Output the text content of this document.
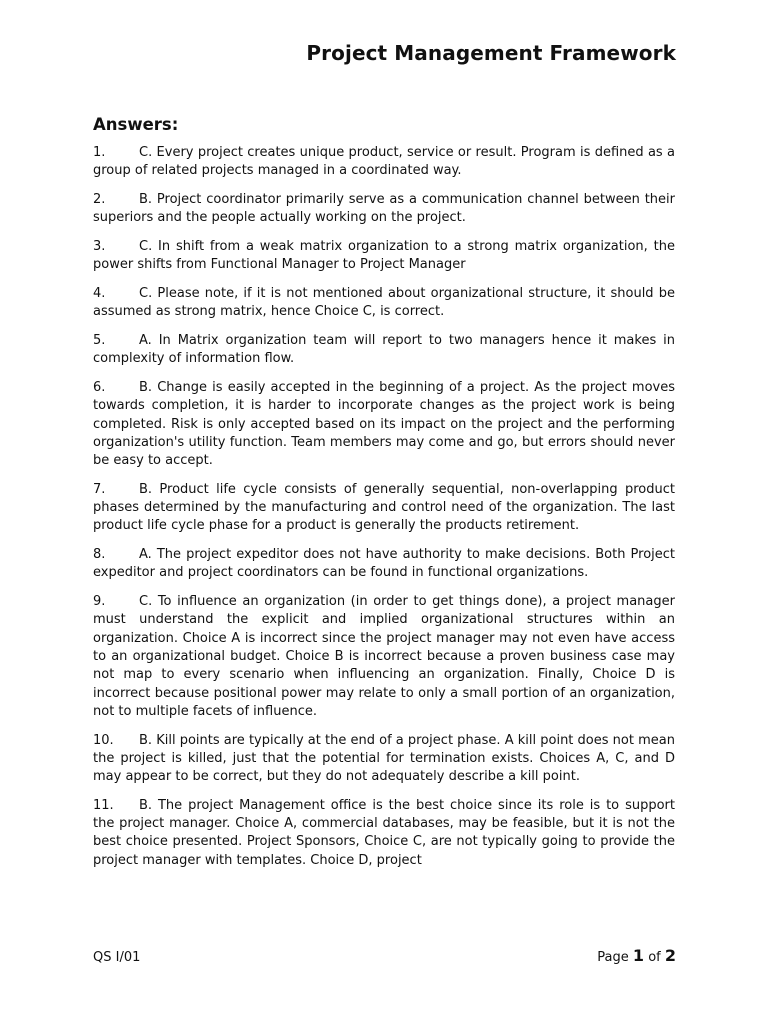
Project Management Framework
Answers:
1.	C. Every project creates unique product, service or result. Program is defined as a group of related projects managed in a coordinated way.
2.	B. Project coordinator primarily serve as a communication channel between their superiors and the people actually working on the project.
3.	C. In shift from a weak matrix organization to a strong matrix organization, the power shifts from Functional Manager to Project Manager
4.	C. Please note, if it is not mentioned about organizational structure, it should be assumed as strong matrix, hence Choice C, is correct.
5.	A. In Matrix organization team will report to two managers hence it makes in complexity of information flow.
6.	B. Change is easily accepted in the beginning of a project. As the project moves towards completion, it is harder to incorporate changes as the project work is being completed. Risk is only accepted based on its impact on the project and the performing organization's utility function. Team members may come and go, but errors should never be easy to accept.
7.	B. Product life cycle consists of generally sequential, non-overlapping product phases determined by the manufacturing and control need of the organization. The last product life cycle phase for a product is generally the products retirement.
8.	A. The project expeditor does not have authority to make decisions. Both Project expeditor and project coordinators can be found in functional organizations.
9.	C. To influence an organization (in order to get things done), a project manager must understand the explicit and implied organizational structures within an organization. Choice A is incorrect since the project manager may not even have access to an organizational budget. Choice B is incorrect because a proven business case may not map to every scenario when influencing an organization. Finally, Choice D is incorrect because positional power may relate to only a small portion of an organization, not to multiple facets of influence.
10. B. Kill points are typically at the end of a project phase. A kill point does not mean the project is killed, just that the potential for termination exists. Choices A, C, and D may appear to be correct, but they do not adequately describe a kill point.
11. B. The project Management office is the best choice since its role is to support the project manager. Choice A, commercial databases, may be feasible, but it is not the best choice presented. Project Sponsors, Choice C, are not typically going to provide the project manager with templates. Choice D, project
QS I/01	Page 1 of 2
